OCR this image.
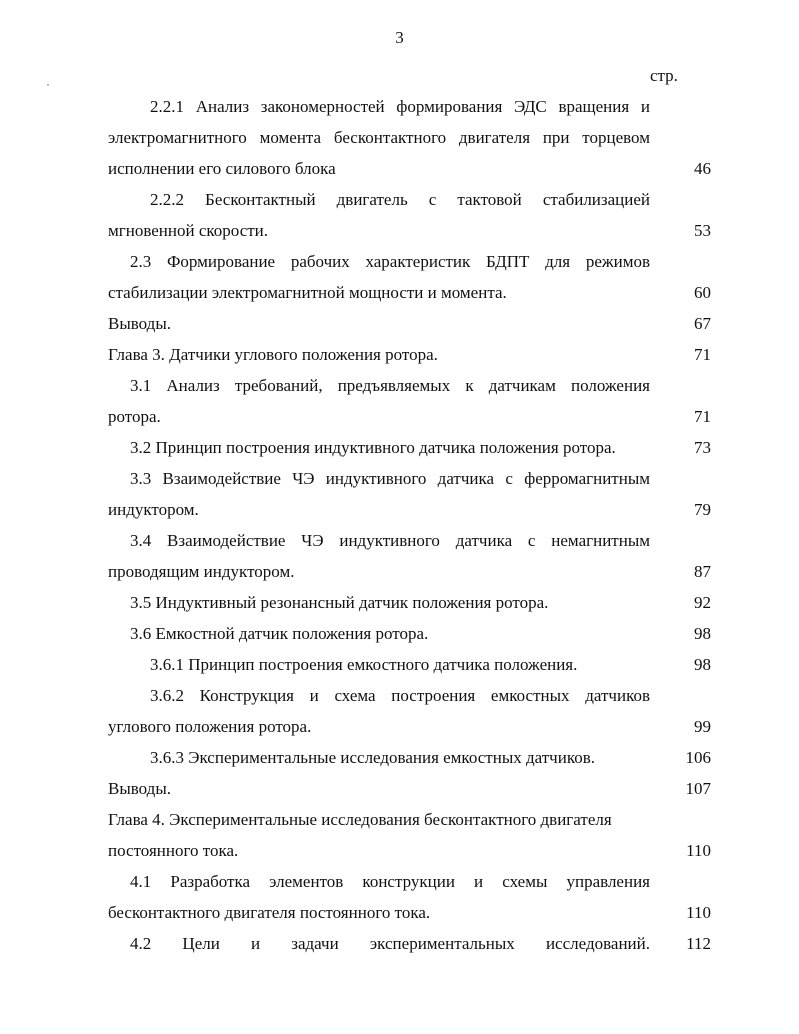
3
стр.
2.2.1 Анализ закономерностей формирования ЭДС вращения и
электромагнитного момента бесконтактного двигателя при торцевом
исполнении его силового блока	46
2.2.2 Бесконтактный двигатель с тактовой стабилизацией
мгновенной скорости.	53
2.3 Формирование рабочих характеристик БДПТ для режимов
стабилизации электромагнитной мощности и момента.	60
Выводы.	67
Глава 3. Датчики углового положения ротора.	71
3.1 Анализ требований, предъявляемых к датчикам положения
ротора.	71
3.2 Принцип построения индуктивного датчика положения ротора.	73
3.3 Взаимодействие ЧЭ индуктивного датчика с ферромагнитным
индуктором.	79
3.4 Взаимодействие ЧЭ индуктивного датчика с немагнитным
проводящим индуктором.	87
3.5 Индуктивный резонансный датчик положения ротора.	92
3.6 Емкостной датчик положения ротора.	98
3.6.1 Принцип построения емкостного датчика положения.	98
3.6.2 Конструкция и схема построения емкостных датчиков
углового положения ротора.	99
3.6.3 Экспериментальные исследования емкостных датчиков.	106
Выводы.	107
Глава 4. Экспериментальные исследования бесконтактного двигателя
постоянного тока.	110
4.1 Разработка элементов конструкции и схемы управления
бесконтактного двигателя постоянного тока.	110
4.2 Цели и задачи экспериментальных исследований.	112
